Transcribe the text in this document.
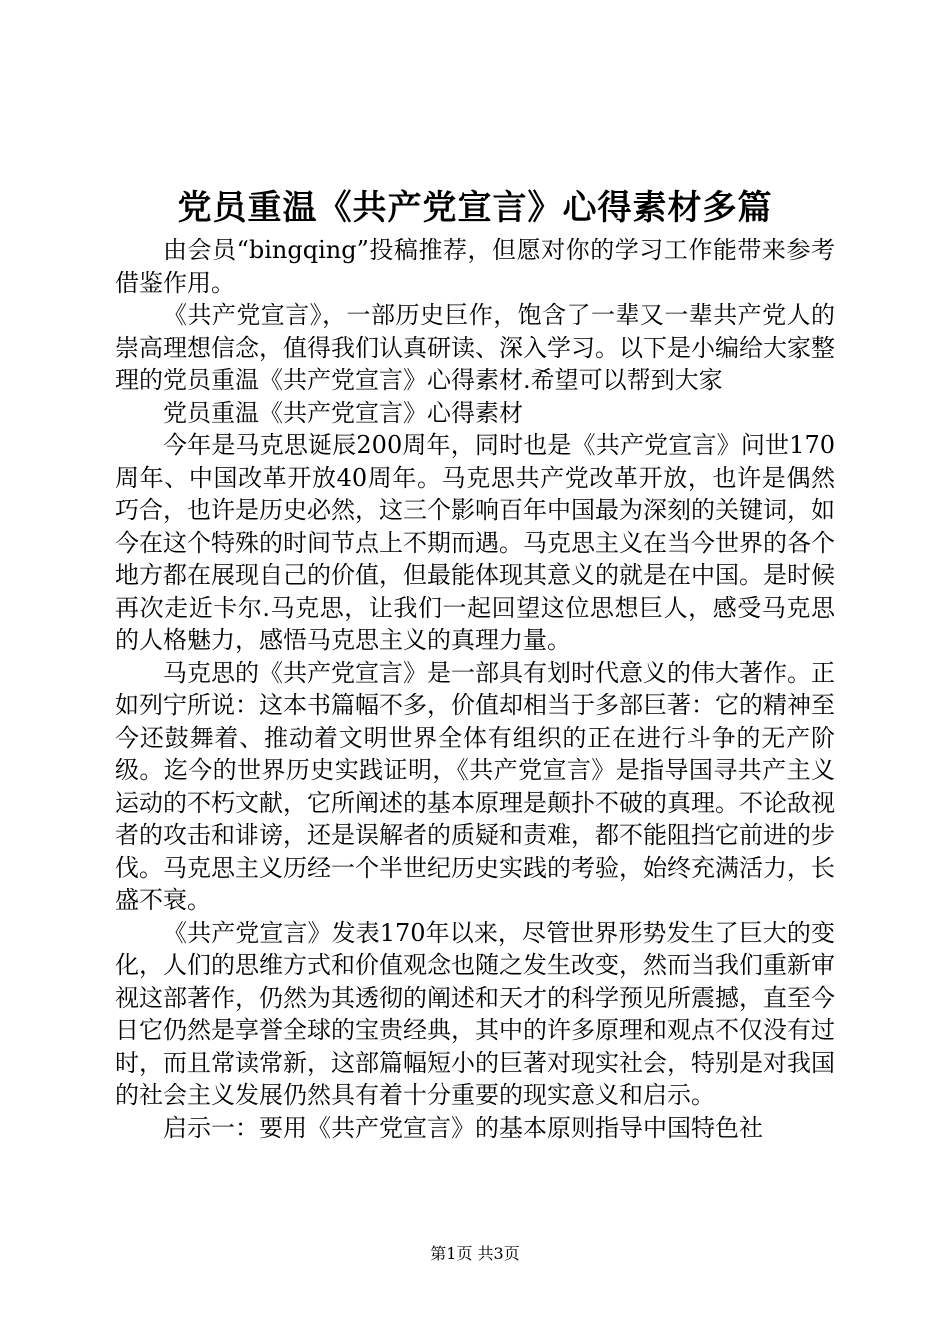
党员重温《共产党宣言》心得素材多篇

由会员“bingqing”投稿推荐，但愿对你的学习工作能带来参考借鉴作用。

《共产党宣言》，一部历史巨作，饱含了一辈又一辈共产党人的崇高理想信念，值得我们认真研读、深入学习。以下是小编给大家整理的党员重温《共产党宣言》心得素材.希望可以帮到大家

党员重温《共产党宣言》心得素材

今年是马克思诞辰200周年，同时也是《共产党宣言》问世170周年、中国改革开放40周年。马克思共产党改革开放，也许是偶然巧合，也许是历史必然，这三个影响百年中国最为深刻的关键词，如今在这个特殊的时间节点上不期而遇。马克思主义在当今世界的各个地方都在展现自己的价值，但最能体现其意义的就是在中国。是时候再次走近卡尔.马克思，让我们一起回望这位思想巨人，感受马克思的人格魅力，感悟马克思主义的真理力量。

马克思的《共产党宣言》是一部具有划时代意义的伟大著作。正如列宁所说：这本书篇幅不多，价值却相当于多部巨著：它的精神至今还鼓舞着、推动着文明世界全体有组织的正在进行斗争的无产阶级。迄今的世界历史实践证明，《共产党宣言》是指导国寻共产主义运动的不朽文献，它所阐述的基本原理是颠扑不破的真理。不论敌视者的攻击和诽谤，还是误解者的质疑和责难，都不能阻挡它前进的步伐。马克思主义历经一个半世纪历史实践的考验，始终充满活力，长盛不衰。

《共产党宣言》发表170年以来，尽管世界形势发生了巨大的变化，人们的思维方式和价值观念也随之发生改变，然而当我们重新审视这部著作，仍然为其透彻的阐述和天才的科学预见所震撼，直至今日它仍然是享誉全球的宝贵经典，其中的许多原理和观点不仅没有过时，而且常读常新，这部篇幅短小的巨著对现实社会，特别是对我国的社会主义发展仍然具有着十分重要的现实意义和启示。

启示一：要用《共产党宣言》的基本原则指导中国特色社

第1页 共3页
